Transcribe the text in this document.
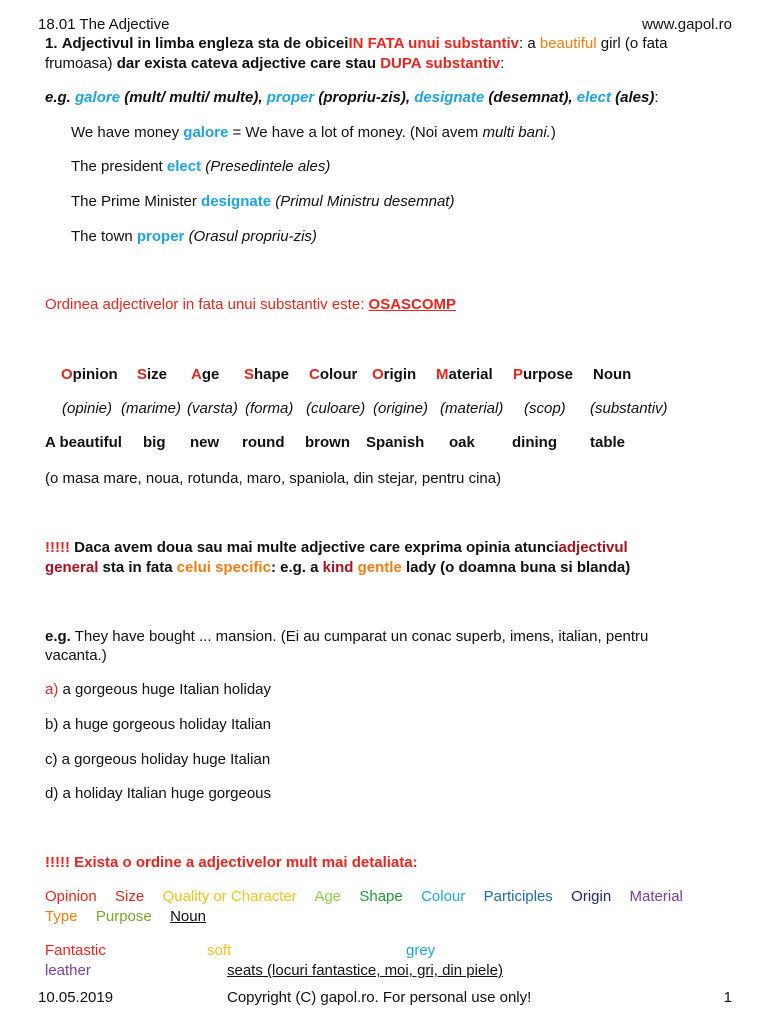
18.01 The Adjective	www.gapol.ro
1. Adjectivul in limba engleza sta de obiceiIN FATA unui substantiv: a beautiful girl (o fata
frumoasa) dar exista cateva adjective care stau DUPA substantiv:
e.g. galore (mult/ multi/ multe), proper (propriu-zis), designate (desemnat), elect (ales):
We have money galore = We have a lot of money. (Noi avem multi bani.)
The president elect (Presedintele ales)
The Prime Minister designate (Primul Ministru desemnat)
The town proper (Orasul propriu-zis)
Ordinea adjectivelor in fata unui substantiv este: OSASCOMP
Opinion Size Age Shape Colour Origin Material Purpose Noun
(opinie) (marime) (varsta) (forma) (culoare) (origine) (material) (scop) (substantiv)
A beautiful big new round brown Spanish oak dining table
(o masa mare, noua, rotunda, maro, spaniola, din stejar, pentru cina)
!!!!! Daca avem doua sau mai multe adjective care exprima opinia atunciadjectivul
general sta in fata celui specific: e.g. a kind gentle lady (o doamna buna si blanda)
e.g. They have bought ... mansion. (Ei au cumparat un conac superb, imens, italian, pentru
vacanta.)
a) a gorgeous huge Italian holiday
b) a huge gorgeous holiday Italian
c) a gorgeous holiday huge Italian
d) a holiday Italian huge gorgeous
!!!!! Exista o ordine a adjectivelor mult mai detaliata:
Opinion Size Quality or Character Age Shape Colour Participles Origin Material
Type Purpose Noun
Fantastic	soft	grey
leather	seats (locuri fantastice, moi, gri, din piele)
10.05.2019	Copyright (C) gapol.ro. For personal use only!	1
